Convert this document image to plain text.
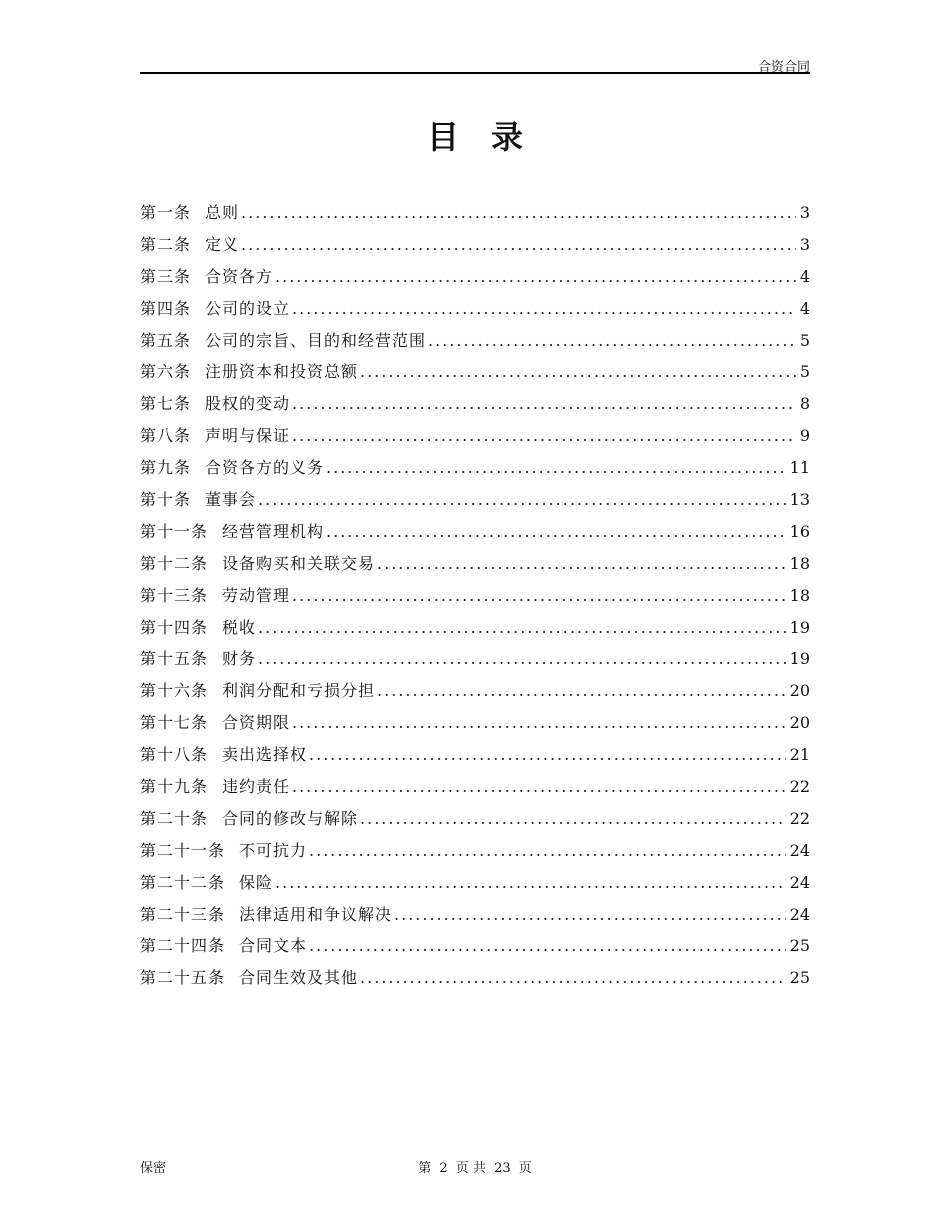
合资合同
目录
第一条 总则 .....	3
第二条 定义 .....	3
第三条 合资各方 .....	4
第四条 公司的设立 .....	4
第五条 公司的宗旨、目的和经营范围 .....	5
第六条 注册资本和投资总额 .....	5
第七条 股权的变动 .....	8
第八条 声明与保证 .....	9
第九条 合资各方的义务 .....	11
第十条 董事会 .....	13
第十一条 经营管理机构 .....	16
第十二条 设备购买和关联交易 .....	18
第十三条 劳动管理 .....	18
第十四条 税收 .....	19
第十五条 财务 .....	19
第十六条 利润分配和亏损分担 .....	20
第十七条 合资期限 .....	20
第十八条 卖出选择权 .....	21
第十九条 违约责任 .....	22
第二十条 合同的修改与解除 .....	22
第二十一条 不可抗力 .....	24
第二十二条 保险 .....	24
第二十三条 法律适用和争议解决 .....	24
第二十四条 合同文本 .....	25
第二十五条 合同生效及其他 .....	25
保密	第 2 页 共 23 页
